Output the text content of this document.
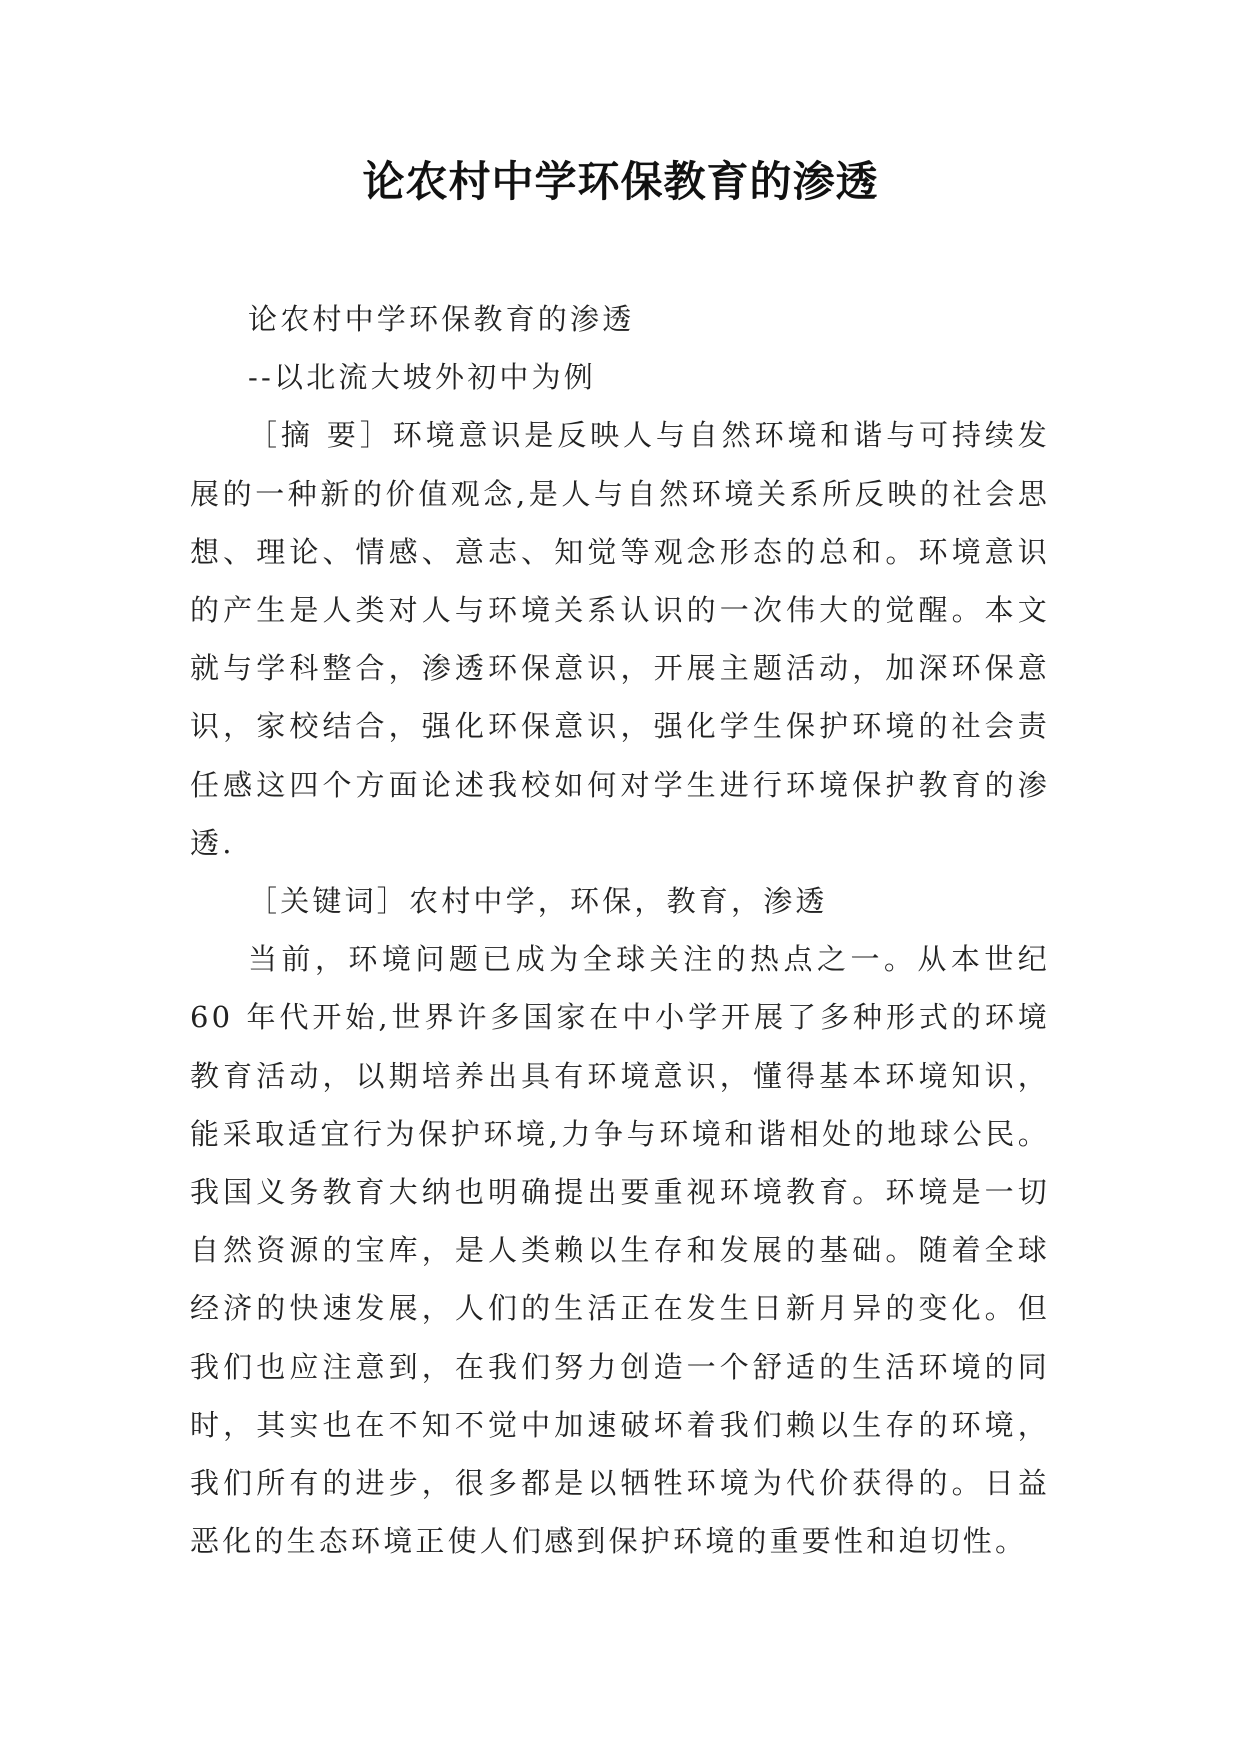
论农村中学环保教育的渗透

论农村中学环保教育的渗透

--以北流大坡外初中为例

［摘 要］环境意识是反映人与自然环境和谐与可持续发展的一种新的价值观念,是人与自然环境关系所反映的社会思想、理论、情感、意志、知觉等观念形态的总和。环境意识的产生是人类对人与环境关系认识的一次伟大的觉醒。本文就与学科整合，渗透环保意识，开展主题活动，加深环保意识，家校结合，强化环保意识，强化学生保护环境的社会责任感这四个方面论述我校如何对学生进行环境保护教育的渗透.

［关键词］农村中学，环保，教育，渗透

当前，环境问题已成为全球关注的热点之一。从本世纪60 年代开始,世界许多国家在中小学开展了多种形式的环境教育活动，以期培养出具有环境意识，懂得基本环境知识，能采取适宜行为保护环境,力争与环境和谐相处的地球公民。我国义务教育大纳也明确提出要重视环境教育。环境是一切自然资源的宝库，是人类赖以生存和发展的基础。随着全球经济的快速发展，人们的生活正在发生日新月异的变化。但我们也应注意到，在我们努力创造一个舒适的生活环境的同时，其实也在不知不觉中加速破坏着我们赖以生存的环境，我们所有的进步，很多都是以牺牲环境为代价获得的。日益恶化的生态环境正使人们感到保护环境的重要性和迫切性。
